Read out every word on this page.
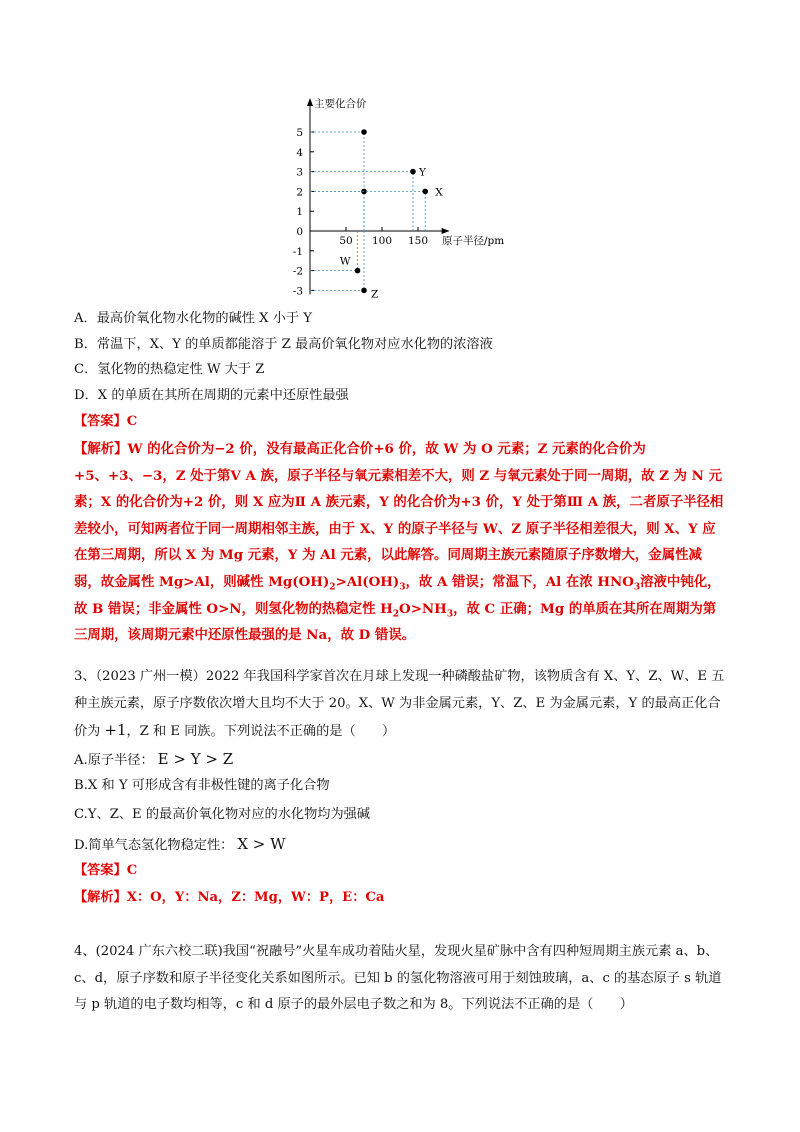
主要化合价
原子半径/pm
5
4
3
2
1
0
-1
-2
-3
50 100 150
Y
X
W
Z
A．最高价氧化物水化物的碱性 X 小于 Y
B．常温下，X、Y 的单质都能溶于 Z 最高价氧化物对应水化物的浓溶液
C．氢化物的热稳定性 W 大于 Z
D．X 的单质在其所在周期的元素中还原性最强
【答案】C
【解析】W 的化合价为−2 价，没有最高正化合价+6 价，故 W 为 O 元素；Z 元素的化合价为+5、+3、−3，Z 处于第Ⅴ A 族，原子半径与氧元素相差不大，则 Z 与氧元素处于同一周期，故 Z 为 N 元素；X 的化合价为+2 价，则 X 应为Ⅱ A 族元素，Y 的化合价为+3 价，Y 处于第Ⅲ A 族，二者原子半径相差较小，可知两者位于同一周期相邻主族，由于 X、Y 的原子半径与 W、Z 原子半径相差很大，则 X、Y 应在第三周期，所以 X 为 Mg 元素，Y 为 Al 元素，以此解答。同周期主族元素随原子序数增大，金属性减弱，故金属性 Mg>Al，则碱性 $Mg(OH)_2>Al(OH)_3$，故 A 错误；常温下，Al 在浓 $HNO_3$溶液中钝化，故 B 错误；非金属性 O>N，则氢化物的热稳定性 $H_2O>NH_3$，故 C 正确；Mg 的单质在其所在周期为第三周期，该周期元素中还原性最强的是 Na，故 D 错误。
3、（2023 广州一模）2022 年我国科学家首次在月球上发现一种磷酸盐矿物，该物质含有 X、Y、Z、W、E 五种主族元素，原子序数依次增大且均不大于 20。X、W 为非金属元素，Y、Z、E 为金属元素，Y 的最高正化合价为 +1，Z 和 E 同族。下列说法不正确的是（　　）
A.原子半径： E > Y > Z
B.X 和 Y 可形成含有非极性键的离子化合物
C.Y、Z、E 的最高价氧化物对应的水化物均为强碱
D.简单气态氢化物稳定性： X > W
【答案】C
【解析】X：O，Y：Na，Z：Mg，W：P，E：Ca
4、(2024 广东六校二联)我国“祝融号”火星车成功着陆火星，发现火星矿脉中含有四种短周期主族元素 a、b、c、d，原子序数和原子半径变化关系如图所示。已知 b 的氢化物溶液可用于刻蚀玻璃，a、c 的基态原子 s 轨道与 p 轨道的电子数均相等，c 和 d 原子的最外层电子数之和为 8。下列说法不正确的是（　　）
